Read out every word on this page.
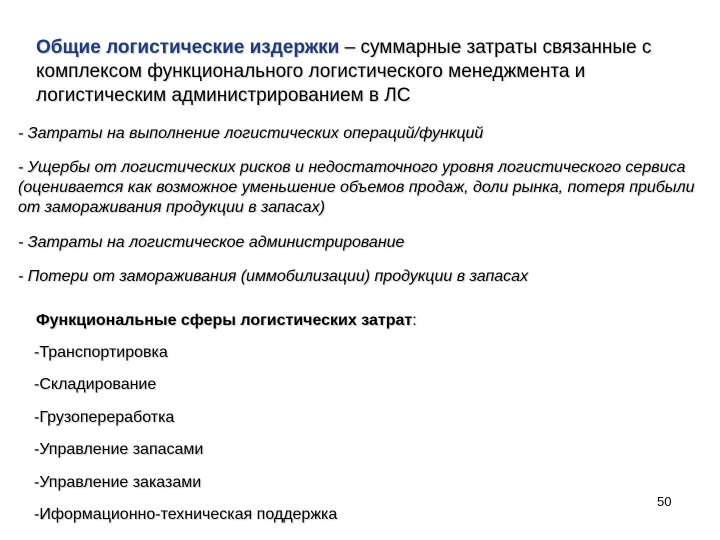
Общие логистические издержки – суммарные затраты связанные с комплексом функционального логистического менеджмента и логистическим администрированием в ЛС

- Затраты на выполнение логистических операций/функций
- Ущербы от логистических рисков и недостаточного уровня логистического сервиса (оценивается как возможное уменьшение объемов продаж, доли рынка, потеря прибыли от замораживания продукции в запасах)
- Затраты на логистическое администрирование
- Потери от замораживания (иммобилизации) продукции в запасах

Функциональные сферы логистических затрат:

-Транспортировка
-Складирование
-Грузопереработка
-Управление запасами
-Управление заказами
-Иформационно-техническая поддержка
50
